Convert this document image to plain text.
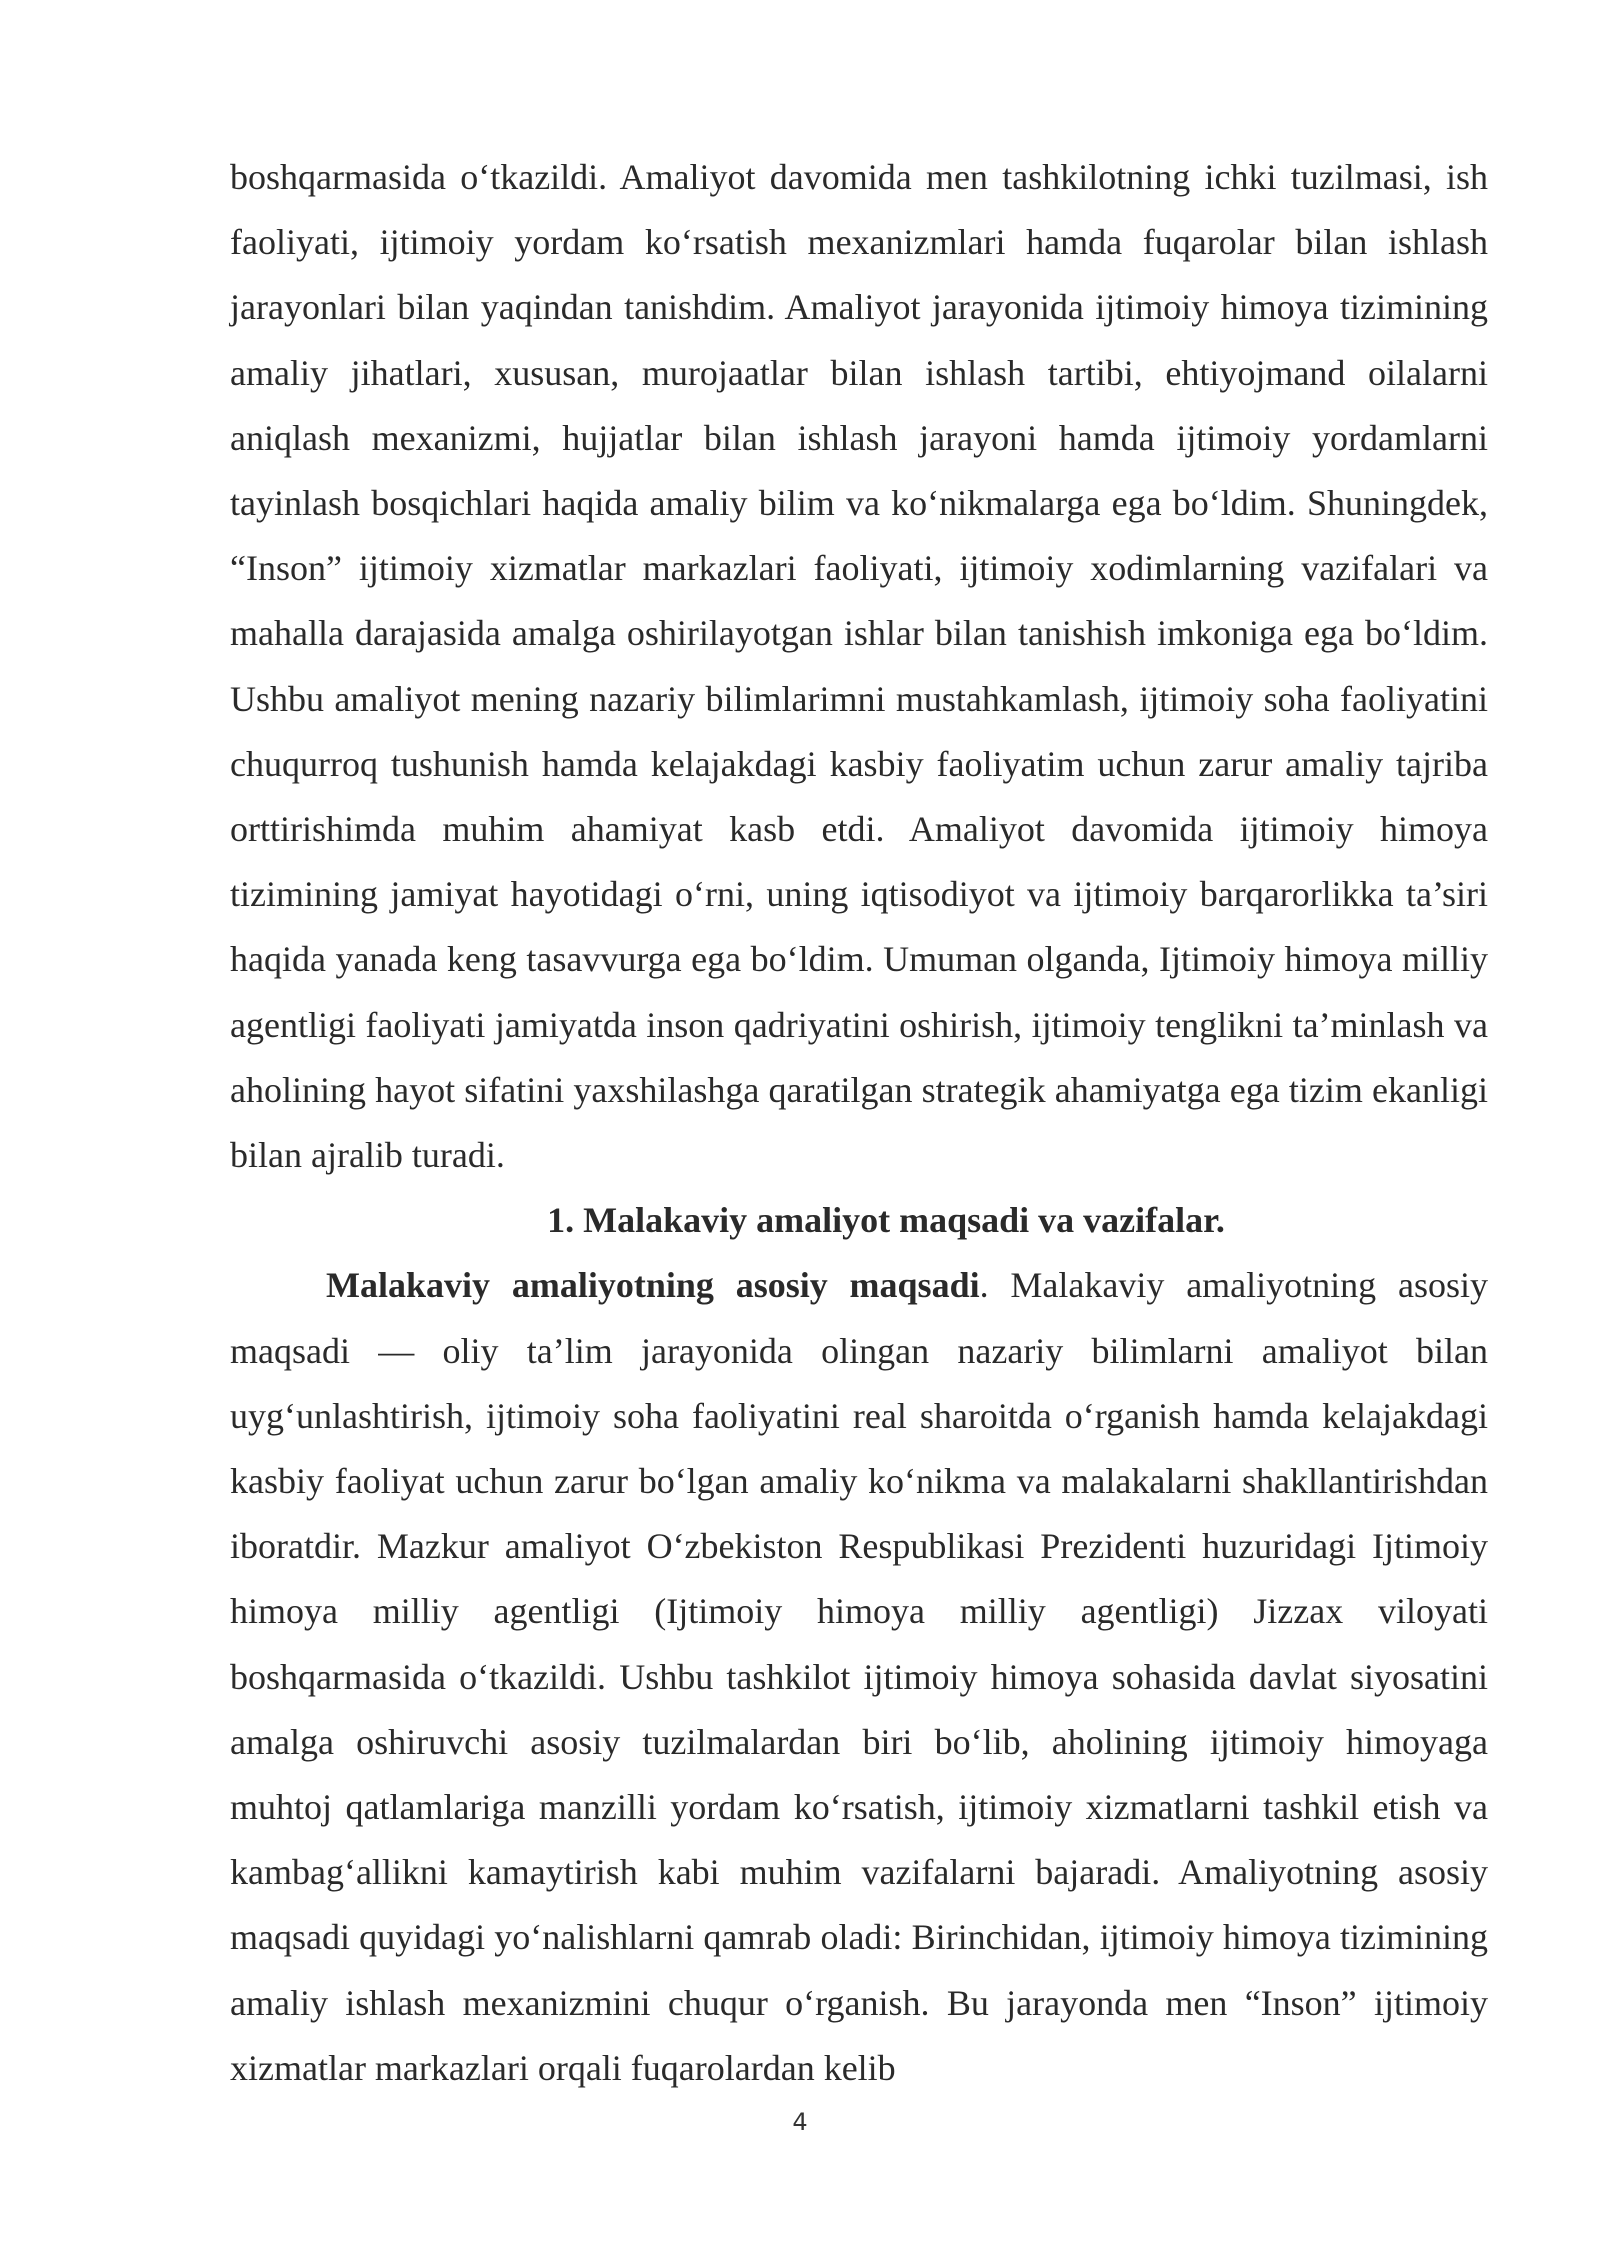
boshqarmasida o‘tkazildi. Amaliyot davomida men tashkilotning ichki tuzilmasi, ish faoliyati, ijtimoiy yordam ko‘rsatish mexanizmlari hamda fuqarolar bilan ishlash jarayonlari bilan yaqindan tanishdim. Amaliyot jarayonida ijtimoiy himoya tizimining amaliy jihatlari, xususan, murojaatlar bilan ishlash tartibi, ehtiyojmand oilalarni aniqlash mexanizmi, hujjatlar bilan ishlash jarayoni hamda ijtimoiy yordamlarni tayinlash bosqichlari haqida amaliy bilim va ko‘nikmalarga ega bo‘ldim. Shuningdek, “Inson” ijtimoiy xizmatlar markazlari faoliyati, ijtimoiy xodimlarning vazifalari va mahalla darajasida amalga oshirilayotgan ishlar bilan tanishish imkoniga ega bo‘ldim. Ushbu amaliyot mening nazariy bilimlarimni mustahkamlash, ijtimoiy soha faoliyatini chuqurroq tushunish hamda kelajakdagi kasbiy faoliyatim uchun zarur amaliy tajriba orttirishimda muhim ahamiyat kasb etdi. Amaliyot davomida ijtimoiy himoya tizimining jamiyat hayotidagi o‘rni, uning iqtisodiyot va ijtimoiy barqarorlikka ta’siri haqida yanada keng tasavvurga ega bo‘ldim. Umuman olganda, Ijtimoiy himoya milliy agentligi faoliyati jamiyatda inson qadriyatini oshirish, ijtimoiy tenglikni ta’minlash va aholining hayot sifatini yaxshilashga qaratilgan strategik ahamiyatga ega tizim ekanligi bilan ajralib turadi.

1. Malakaviy amaliyot maqsadi va vazifalar.

Malakaviy amaliyotning asosiy maqsadi. Malakaviy amaliyotning asosiy maqsadi — oliy ta’lim jarayonida olingan nazariy bilimlarni amaliyot bilan uyg‘unlashtirish, ijtimoiy soha faoliyatini real sharoitda o‘rganish hamda kelajakdagi kasbiy faoliyat uchun zarur bo‘lgan amaliy ko‘nikma va malakalarni shakllantirishdan iboratdir. Mazkur amaliyot O‘zbekiston Respublikasi Prezidenti huzuridagi Ijtimoiy himoya milliy agentligi (Ijtimoiy himoya milliy agentligi) Jizzax viloyati boshqarmasida o‘tkazildi. Ushbu tashkilot ijtimoiy himoya sohasida davlat siyosatini amalga oshiruvchi asosiy tuzilmalardan biri bo‘lib, aholining ijtimoiy himoyaga muhtoj qatlamlariga manzilli yordam ko‘rsatish, ijtimoiy xizmatlarni tashkil etish va kambag‘allikni kamaytirish kabi muhim vazifalarni bajaradi. Amaliyotning asosiy maqsadi quyidagi yo‘nalishlarni qamrab oladi: Birinchidan, ijtimoiy himoya tizimining amaliy ishlash mexanizmini chuqur o‘rganish. Bu jarayonda men “Inson” ijtimoiy xizmatlar markazlari orqali fuqarolardan kelib

4
